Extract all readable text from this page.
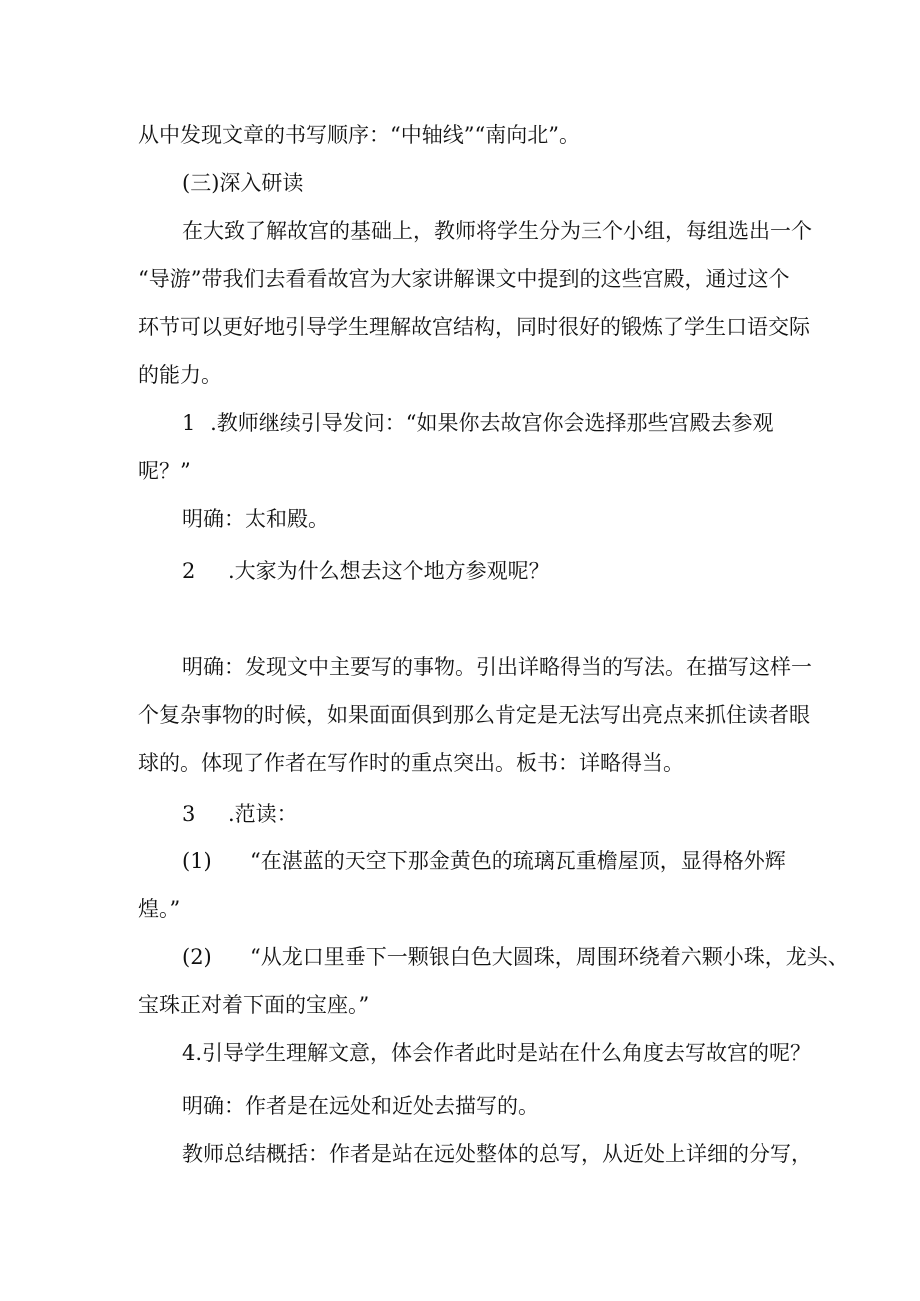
从中发现文章的书写顺序：“中轴线”“南向北”。
(三)深入研读
在大致了解故宫的基础上，教师将学生分为三个小组，每组选出一个
“导游”带我们去看看故宫为大家讲解课文中提到的这些宫殿，通过这个
环节可以更好地引导学生理解故宫结构，同时很好的锻炼了学生口语交际
的能力。
1 .教师继续引导发问：“如果你去故宫你会选择那些宫殿去参观
呢？”
明确：太和殿。
2 .大家为什么想去这个地方参观呢？
明确：发现文中主要写的事物。引出详略得当的写法。在描写这样一
个复杂事物的时候，如果面面俱到那么肯定是无法写出亮点来抓住读者眼
球的。体现了作者在写作时的重点突出。板书：详略得当。
3 .范读：
(1) “在湛蓝的天空下那金黄色的琉璃瓦重檐屋顶，显得格外辉
煌。”
(2) “从龙口里垂下一颗银白色大圆珠，周围环绕着六颗小珠，龙头、
宝珠正对着下面的宝座。”
4.引导学生理解文意，体会作者此时是站在什么角度去写故宫的呢？
明确：作者是在远处和近处去描写的。
教师总结概括：作者是站在远处整体的总写，从近处上详细的分写，
